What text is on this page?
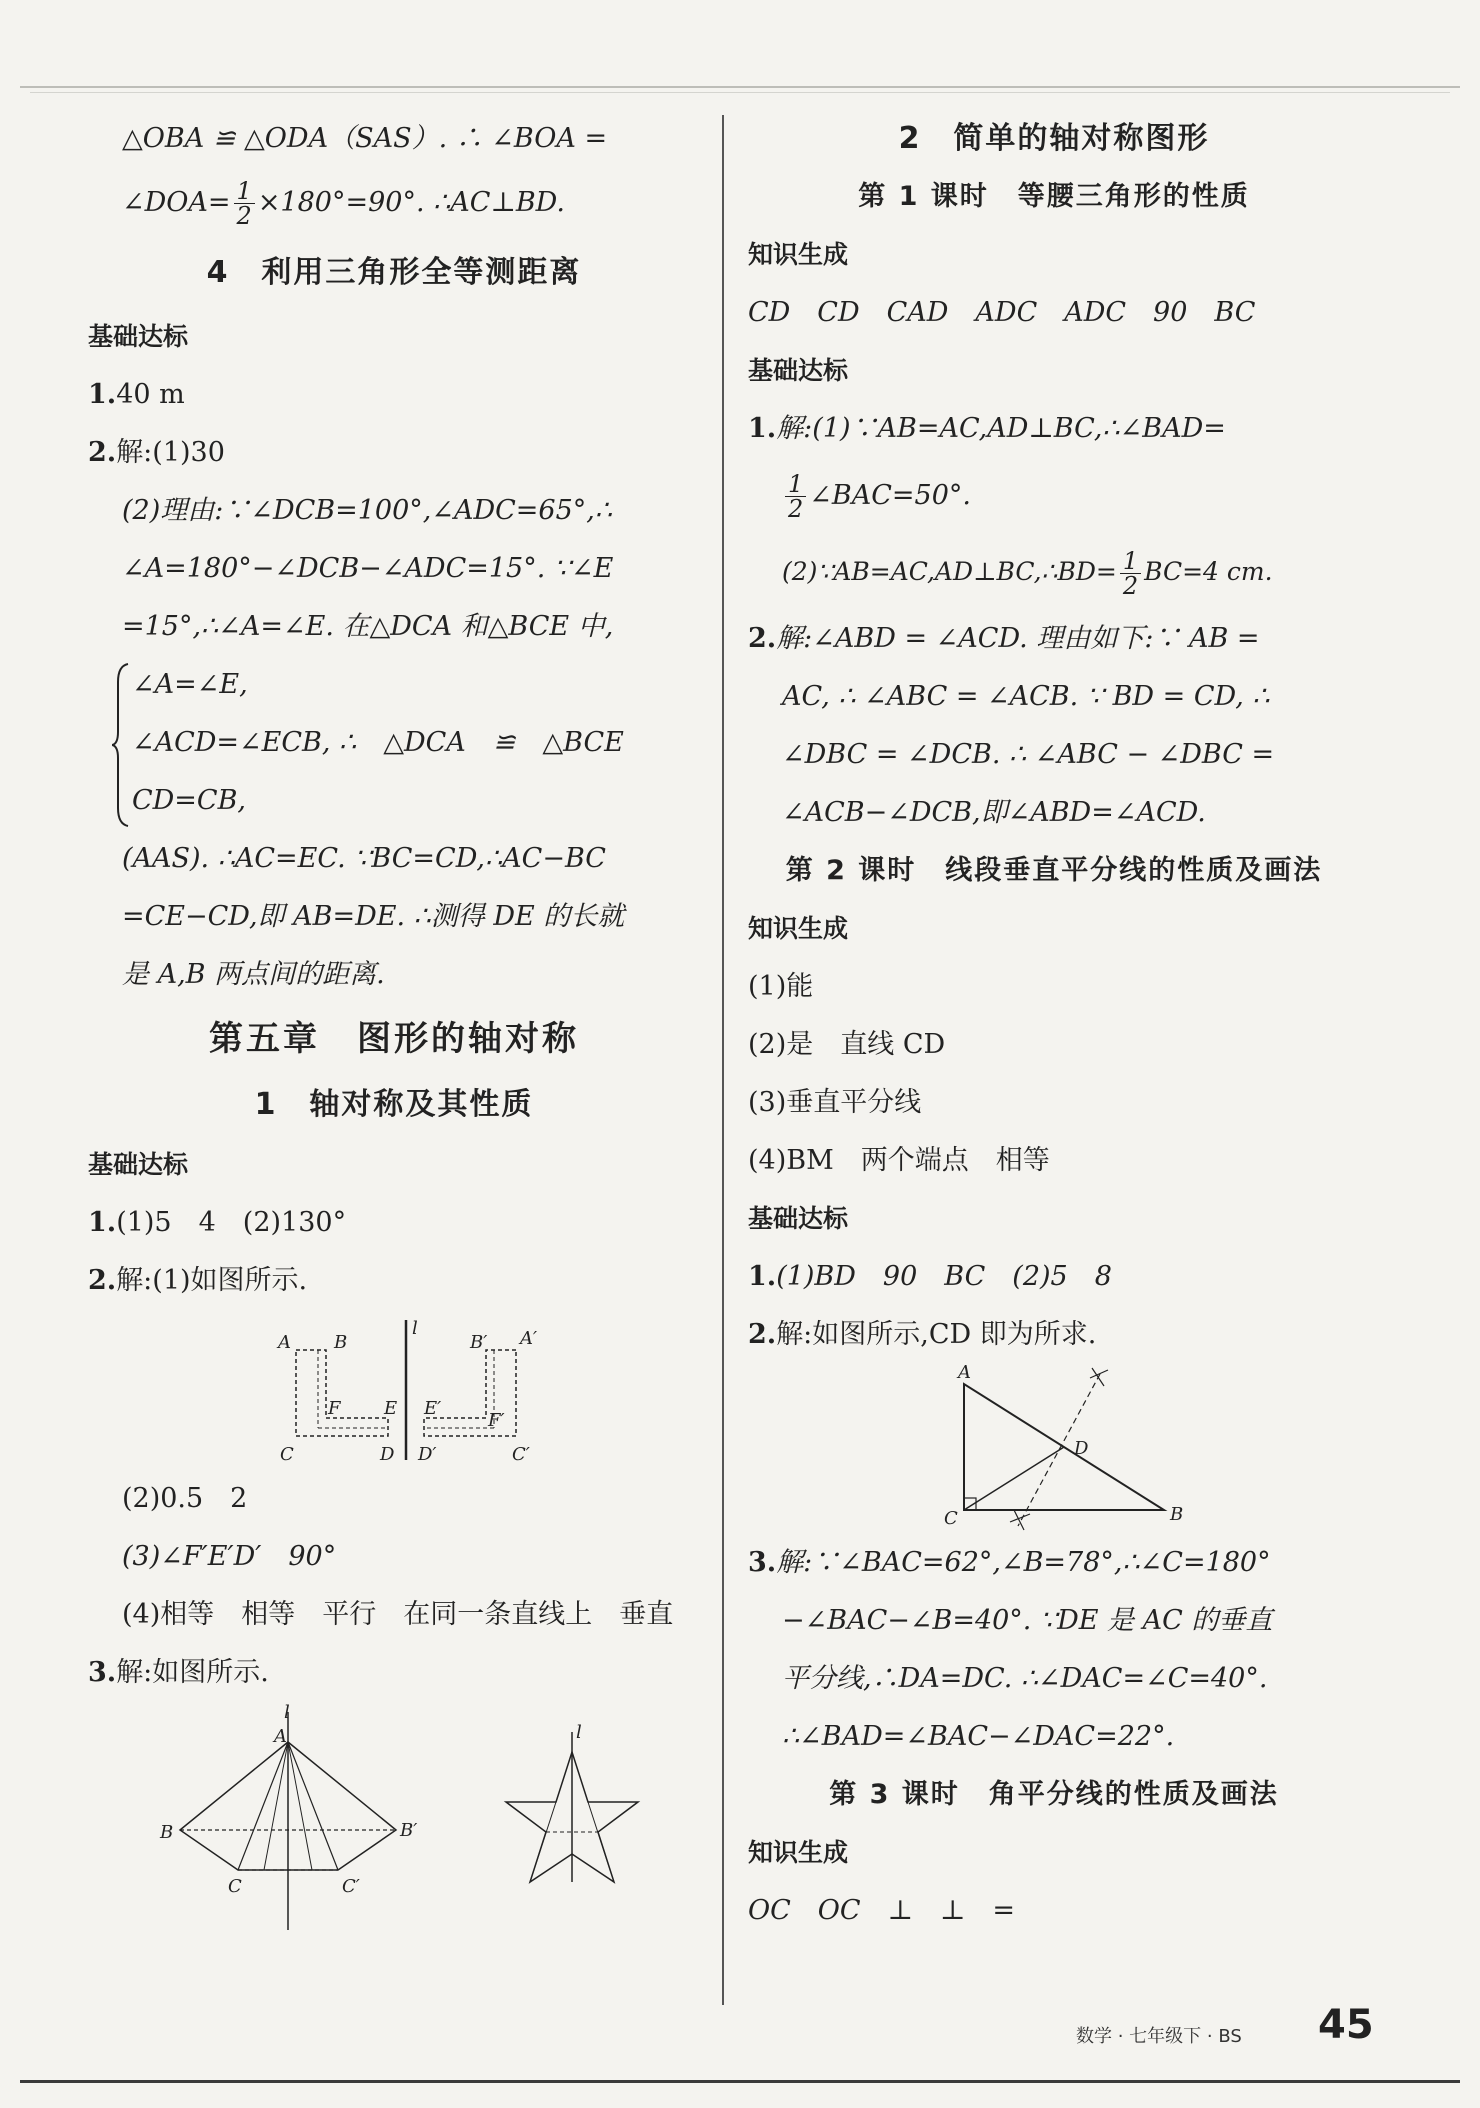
△OBA ≌ △ODA（SAS）. ∴ ∠BOA =
∠DOA= $\frac{1}{2} \times 180^\circ=90^\circ$. ∴AC⊥BD.
4　利用三角形全等测距离
基础达标
1.40 m
2.解:(1)30
(2)理由:∵∠DCB=100°,∠ADC=65°,∴
∠A=180°−∠DCB−∠ADC=15°. ∵∠E
=15°,∴∠A=∠E. 在△DCA 和△BCE 中,
∠A=∠E,
∠ACD=∠ECB, ∴　△DCA　≌　△BCE
CD=CB,
(AAS). ∴AC=EC. ∵BC=CD,∴AC−BC
=CE−CD,即 AB=DE. ∴测得 DE 的长就
是 A,B 两点间的距离.
第五章　图形的轴对称
1　轴对称及其性质
基础达标
1.(1)5　4　(2)130°
2.解:(1)如图所示.
l
A B
F E
C	D
B′ A′
E′
F′
D′	C′
(2)0.5　2
(3)∠F′E′D′　90°
(4)相等　相等　平行　在同一条直线上　垂直
3.解:如图所示.
l
A
B	B′
C	C′
l
2　简单的轴对称图形
第 1 课时　等腰三角形的性质
知识生成
CD　CD　CAD　ADC　ADC　90　BC
基础达标
1.解:(1)∵AB=AC,AD⊥BC,∴∠BAD=
$\frac{1}{2}$ ∠BAC=50°.
(2)∵AB=AC,AD⊥BC,∴BD= $\frac{1}{2} BC=4$ cm.
2.解:∠ABD = ∠ACD. 理由如下:∵ AB =
AC, ∴ ∠ABC = ∠ACB. ∵ BD = CD, ∴
∠DBC = ∠DCB. ∴ ∠ABC − ∠DBC =
∠ACB−∠DCB,即∠ABD=∠ACD.
第 2 课时　线段垂直平分线的性质及画法
知识生成
(1)能
(2)是　直线 CD
(3)垂直平分线
(4)BM　两个端点　相等
基础达标
1.(1)BD　90　BC　(2)5　8
2.解:如图所示,CD 即为所求.
A
C	B
D
3.解:∵∠BAC=62°,∠B=78°,∴∠C=180°
−∠BAC−∠B=40°. ∵DE 是 AC 的垂直
平分线,∴DA=DC. ∴∠DAC=∠C=40°.
∴∠BAD=∠BAC−∠DAC=22°.
第 3 课时　角平分线的性质及画法
知识生成
OC　OC　⊥　⊥　=
数学 · 七年级下 · BS 45
